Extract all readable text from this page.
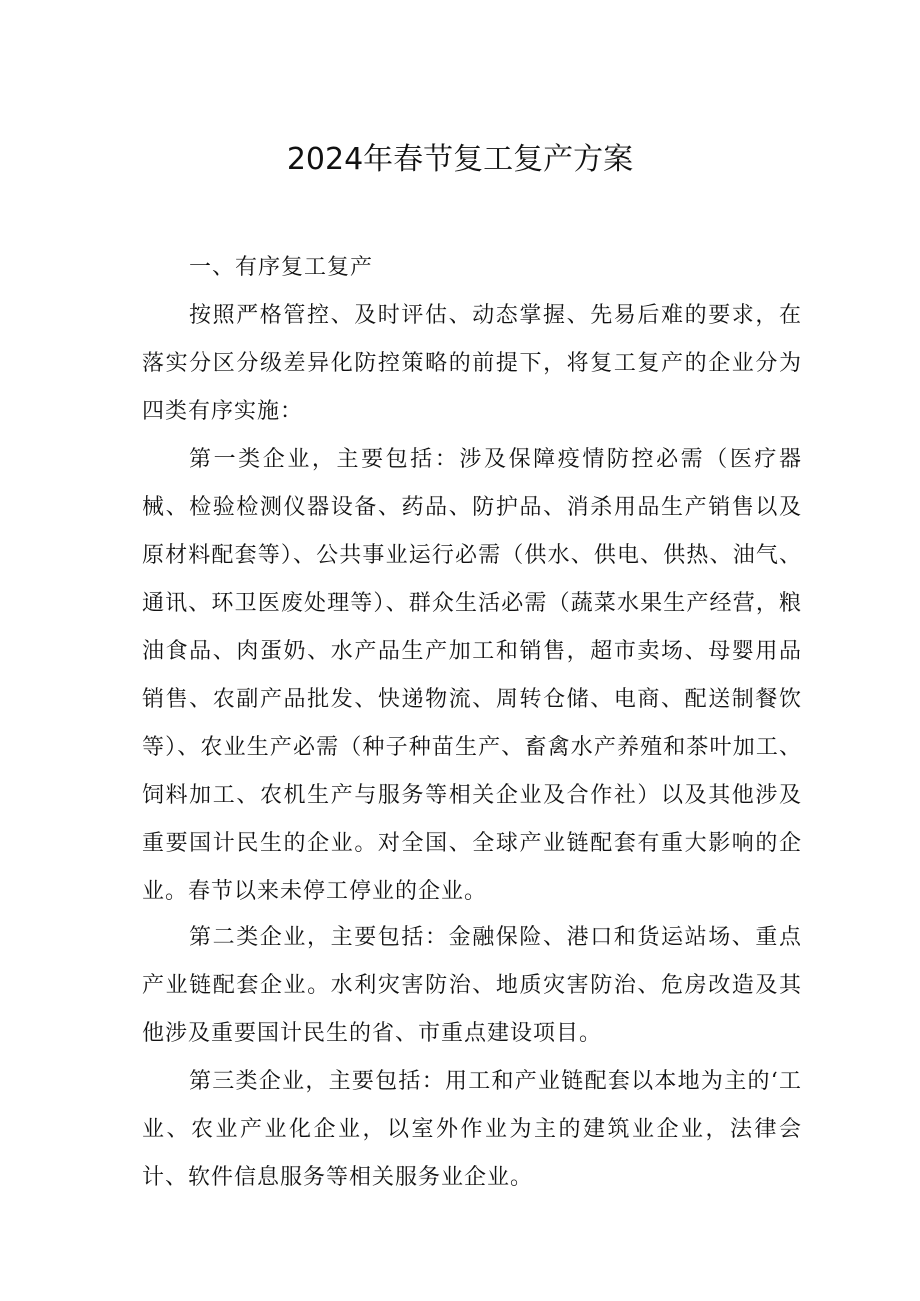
2024年春节复工复产方案

一、有序复工复产

按照严格管控、及时评估、动态掌握、先易后难的要求，在落实分区分级差异化防控策略的前提下，将复工复产的企业分为四类有序实施：

第一类企业，主要包括：涉及保障疫情防控必需（医疗器械、检验检测仪器设备、药品、防护品、消杀用品生产销售以及原材料配套等）、公共事业运行必需（供水、供电、供热、油气、通讯、环卫医废处理等）、群众生活必需（蔬菜水果生产经营，粮油食品、肉蛋奶、水产品生产加工和销售，超市卖场、母婴用品销售、农副产品批发、快递物流、周转仓储、电商、配送制餐饮等）、农业生产必需（种子种苗生产、畜禽水产养殖和茶叶加工、饲料加工、农机生产与服务等相关企业及合作社）以及其他涉及重要国计民生的企业。对全国、全球产业链配套有重大影响的企业。春节以来未停工停业的企业。

第二类企业，主要包括：金融保险、港口和货运站场、重点产业链配套企业。水利灾害防治、地质灾害防治、危房改造及其他涉及重要国计民生的省、市重点建设项目。

第三类企业，主要包括：用工和产业链配套以本地为主的‘工业、农业产业化企业，以室外作业为主的建筑业企业，法律会计、软件信息服务等相关服务业企业。
